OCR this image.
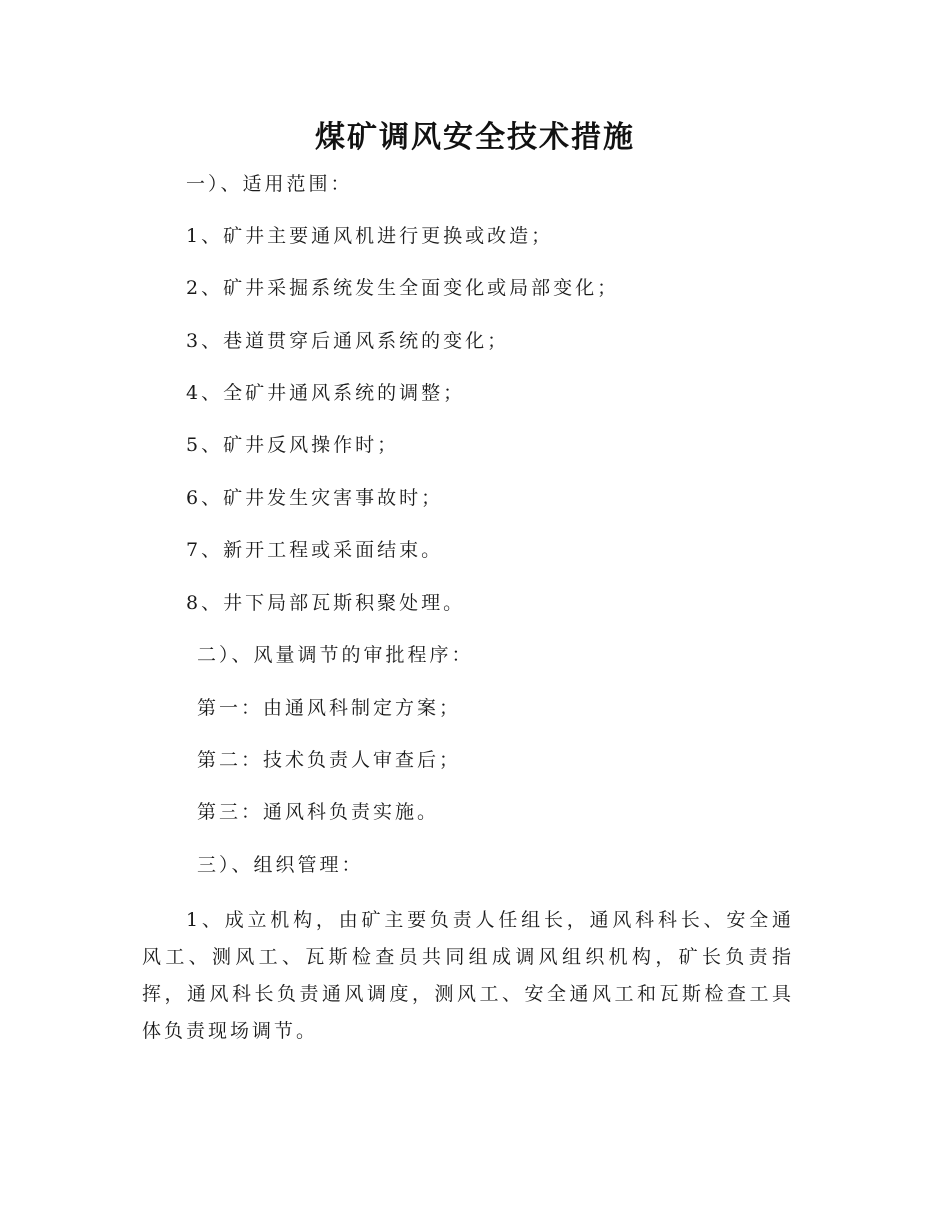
煤矿调风安全技术措施
一）、适用范围：
1、矿井主要通风机进行更换或改造；
2、矿井采掘系统发生全面变化或局部变化；
3、巷道贯穿后通风系统的变化；
4、全矿井通风系统的调整；
5、矿井反风操作时；
6、矿井发生灾害事故时；
7、新开工程或采面结束。
8、井下局部瓦斯积聚处理。
二）、风量调节的审批程序：
第一：由通风科制定方案；
第二：技术负责人审查后；
第三：通风科负责实施。
三）、组织管理：
1、成立机构，由矿主要负责人任组长，通风科科长、安全通风工、测风工、瓦斯检查员共同组成调风组织机构，矿长负责指挥，通风科长负责通风调度，测风工、安全通风工和瓦斯检查工具体负责现场调节。
